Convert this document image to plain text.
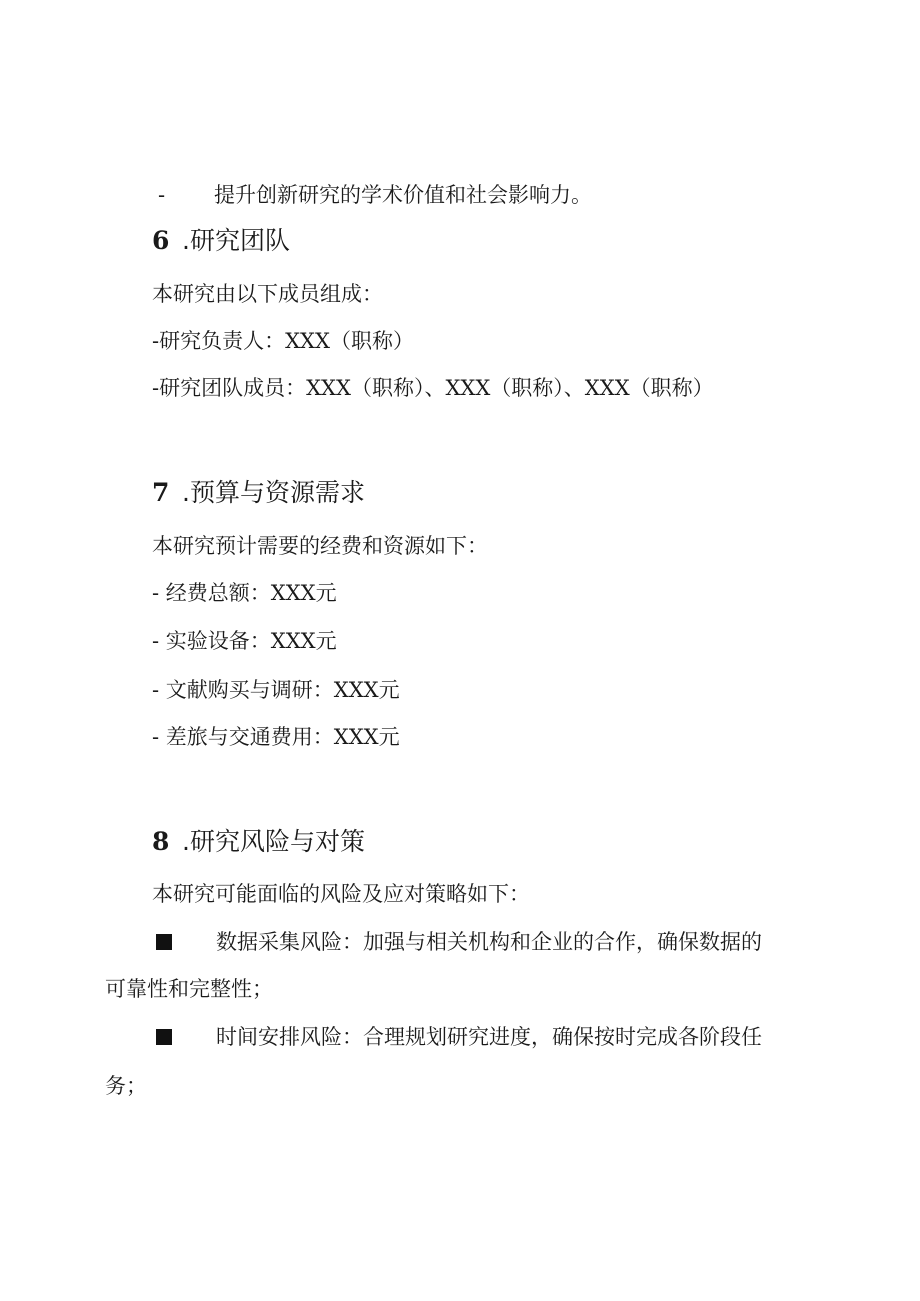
- 提升创新研究的学术价值和社会影响力。
6 .研究团队
本研究由以下成员组成：
-研究负责人：XXX（职称）
-研究团队成员：XXX（职称）、XXX（职称）、XXX（职称）
7 .预算与资源需求
本研究预计需要的经费和资源如下：
- 经费总额：XXX元
- 实验设备：XXX元
- 文献购买与调研：XXX元
- 差旅与交通费用：XXX元
8 .研究风险与对策
本研究可能面临的风险及应对策略如下：
数据采集风险：加强与相关机构和企业的合作，确保数据的
可靠性和完整性；
时间安排风险：合理规划研究进度，确保按时完成各阶段任
务；
